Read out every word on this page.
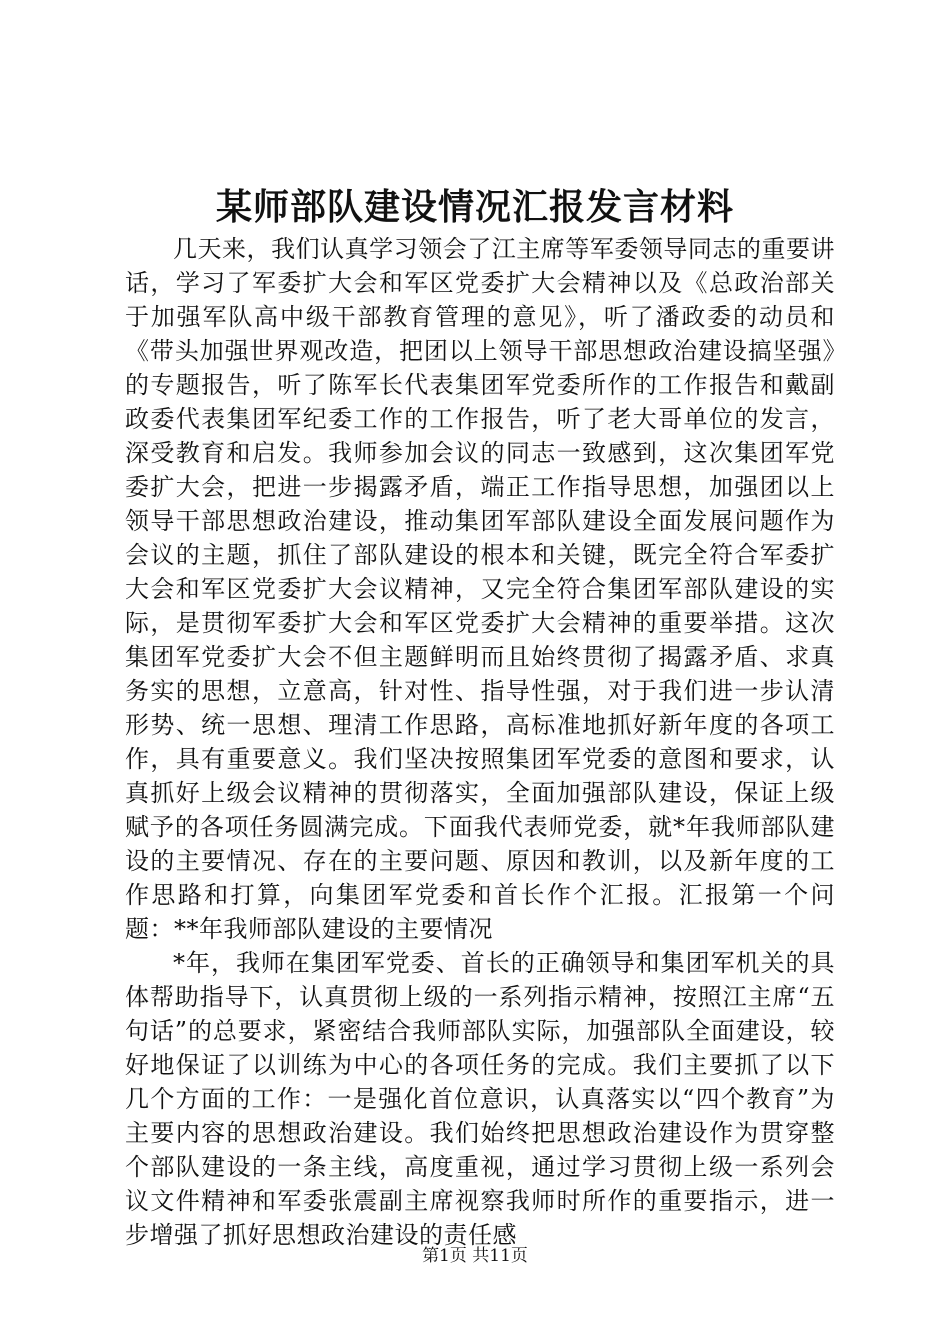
某师部队建设情况汇报发言材料

几天来，我们认真学习领会了江主席等军委领导同志的重要讲话，学习了军委扩大会和军区党委扩大会精神以及《总政治部关于加强军队高中级干部教育管理的意见》，听了潘政委的动员和《带头加强世界观改造，把团以上领导干部思想政治建设搞坚强》的专题报告，听了陈军长代表集团军党委所作的工作报告和戴副政委代表集团军纪委工作的工作报告，听了老大哥单位的发言，深受教育和启发。我师参加会议的同志一致感到，这次集团军党委扩大会，把进一步揭露矛盾，端正工作指导思想，加强团以上领导干部思想政治建设，推动集团军部队建设全面发展问题作为会议的主题，抓住了部队建设的根本和关键，既完全符合军委扩大会和军区党委扩大会议精神，又完全符合集团军部队建设的实际，是贯彻军委扩大会和军区党委扩大会精神的重要举措。这次集团军党委扩大会不但主题鲜明而且始终贯彻了揭露矛盾、求真务实的思想，立意高，针对性、指导性强，对于我们进一步认清形势、统一思想、理清工作思路，高标准地抓好新年度的各项工作，具有重要意义。我们坚决按照集团军党委的意图和要求，认真抓好上级会议精神的贯彻落实，全面加强部队建设，保证上级赋予的各项任务圆满完成。下面我代表师党委，就*年我师部队建设的主要情况、存在的主要问题、原因和教训，以及新年度的工作思路和打算，向集团军党委和首长作个汇报。汇报第一个问题：**年我师部队建设的主要情况

*年，我师在集团军党委、首长的正确领导和集团军机关的具体帮助指导下，认真贯彻上级的一系列指示精神，按照江主席“五句话”的总要求，紧密结合我师部队实际，加强部队全面建设，较好地保证了以训练为中心的各项任务的完成。我们主要抓了以下几个方面的工作：一是强化首位意识，认真落实以“四个教育”为主要内容的思想政治建设。我们始终把思想政治建设作为贯穿整个部队建设的一条主线，高度重视，通过学习贯彻上级一系列会议文件精神和军委张震副主席视察我师时所作的重要指示，进一步增强了抓好思想政治建设的责任感

第1页 共11页
